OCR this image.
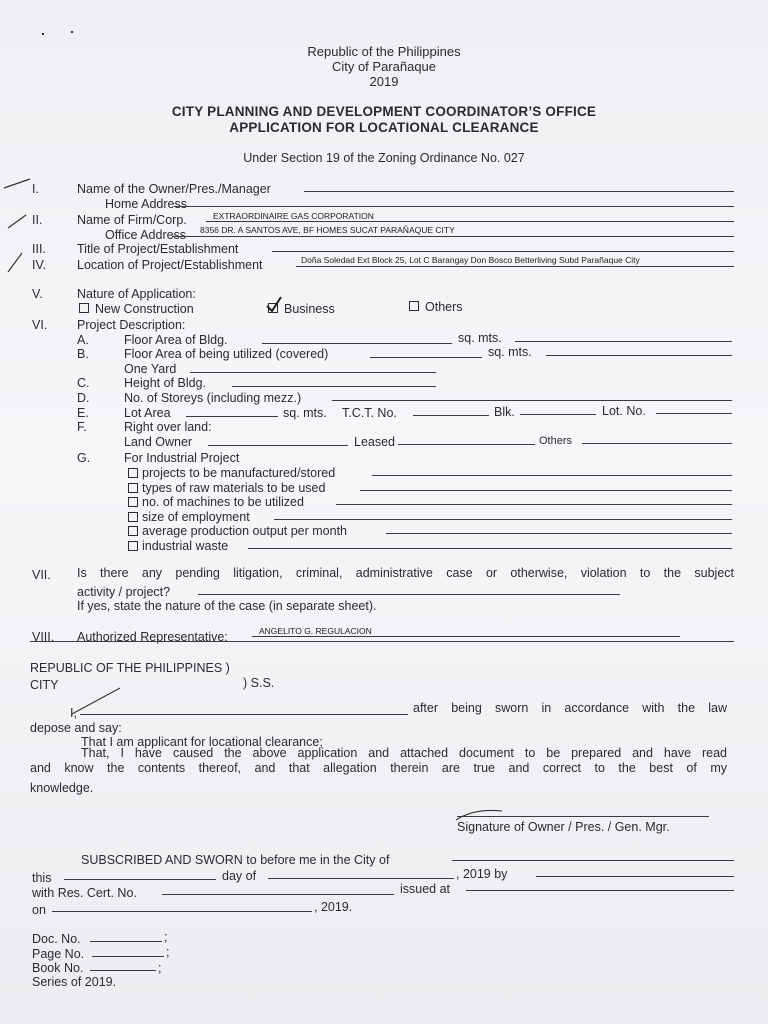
Republic of the Philippines
City of Parañaque
2019
CITY PLANNING AND DEVELOPMENT COORDINATOR’S OFFICE
APPLICATION FOR LOCATIONAL CLEARANCE
Under Section 19 of the Zoning Ordinance No. 027
I.	Name of the Owner/Pres./Manager
Home Address
II.	Name of Firm/Corp.	EXTRAORDINAIRE GAS CORPORATION
Office Address 8356 DR. A SANTOS AVE, BF HOMES SUCAT PARAÑAQUE CITY
III. Title of Project/Establishment
IV. Location of Project/Establishment	Doña Soledad Ext Block 25, Lot C Barangay Don Bosco Betterliving Subd Parañaque City
V.	Nature of Application:
New Construction	Business	Others
VI. Project Description:
A.	Floor Area of Bldg.	sq. mts.
B.	Floor Area of being utilized (covered)	sq. mts.
One Yard
C.	Height of Bldg.
D.	No. of Storeys (including mezz.)
E.	Lot Area	sq. mts. T.C.T. No.	Blk.	Lot. No.
F.	Right over land:
Land Owner	Leased	Others
G.	For Industrial Project
projects to be manufactured/stored
types of raw materials to be used
no. of machines to be utilized
size of employment
average production output per month
industrial waste
VII. Is there any pending litigation, criminal, administrative case or otherwise, violation to the subject
activity / project?
If yes, state the nature of the case (in separate sheet).
VIII. Authorized Representative:	ANGELITO G. REGULACION
REPUBLIC OF THE PHILIPPINES )
CITY	) S.S.
I,	after being sworn in accordance with the law
depose and say:
That I am applicant for locational clearance;
That, I have caused the above application and attached document to be prepared and have read
and know the contents thereof, and that allegation therein are true and correct to the best of my
knowledge.
Signature of Owner / Pres. / Gen. Mgr.
SUBSCRIBED AND SWORN to before me in the City of
this	day of	, 2019 by
with Res. Cert. No.	issued at
on	, 2019.
Doc. No.	;
Page No.	;
Book No.	;
Series of 2019.
